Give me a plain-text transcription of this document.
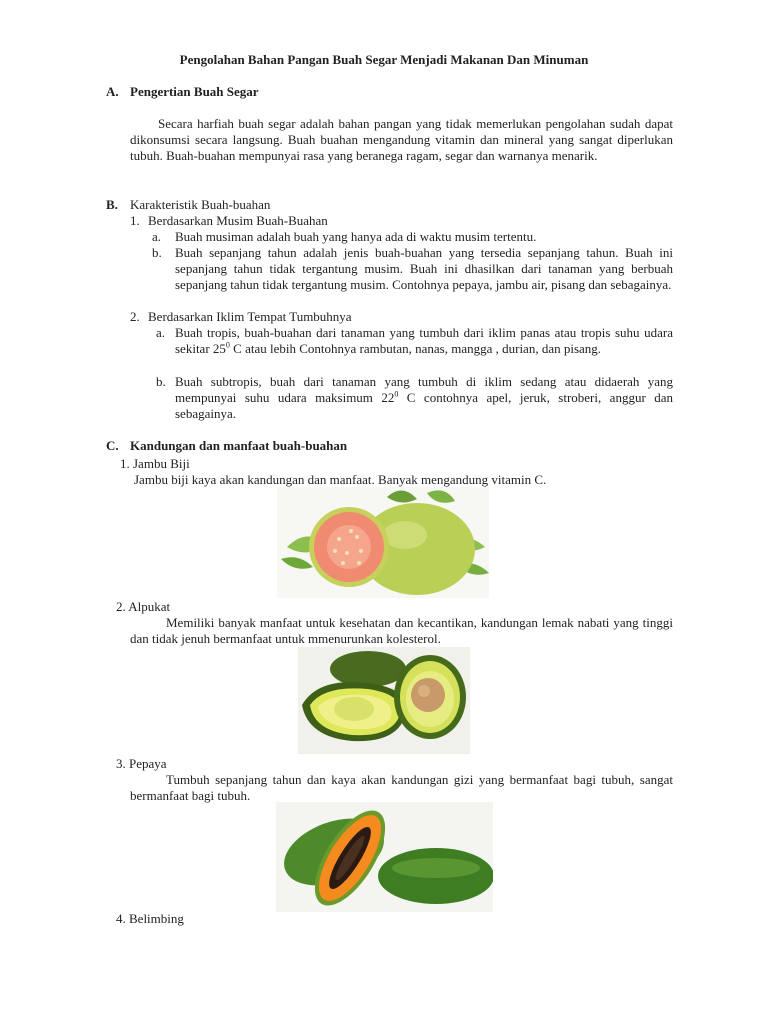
Pengolahan Bahan Pangan Buah Segar Menjadi Makanan Dan Minuman
A. Pengertian Buah Segar
Secara harfiah buah segar adalah bahan pangan yang tidak memerlukan pengolahan sudah dapat dikonsumsi secara langsung. Buah buahan mengandung vitamin dan mineral yang sangat diperlukan tubuh. Buah-buahan mempunyai rasa yang beranega ragam, segar dan warnanya menarik.
B. Karakteristik Buah-buahan
1. Berdasarkan Musim Buah-Buahan
a. Buah musiman adalah buah yang hanya ada di waktu musim tertentu.
b. Buah sepanjang tahun adalah jenis buah-buahan yang tersedia sepanjang tahun. Buah ini sepanjang tahun tidak tergantung musim. Buah ini dhasilkan dari tanaman yang berbuah sepanjang tahun tidak tergantung musim. Contohnya pepaya, jambu air, pisang dan sebagainya.
2. Berdasarkan Iklim Tempat Tumbuhnya
a. Buah tropis, buah-buahan dari tanaman yang tumbuh dari iklim panas atau tropis suhu udara sekitar $25^0$ C atau lebih Contohnya rambutan, nanas, mangga , durian, dan pisang.
b. Buah subtropis, buah dari tanaman yang tumbuh di iklim sedang atau didaerah yang mempunyai suhu udara maksimum $22^0$ C contohnya apel, jeruk, stroberi, anggur dan sebagainya.
C. Kandungan dan manfaat buah-buahan
1. Jambu Biji
Jambu biji kaya akan kandungan dan manfaat. Banyak mengandung vitamin C.
2. Alpukat
Memiliki banyak manfaat untuk kesehatan dan kecantikan, kandungan lemak nabati yang tinggi dan tidak jenuh bermanfaat untuk mmenurunkan kolesterol.
3. Pepaya
Tumbuh sepanjang tahun dan kaya akan kandungan gizi yang bermanfaat bagi tubuh, sangat bermanfaat bagi tubuh.
4. Belimbing
